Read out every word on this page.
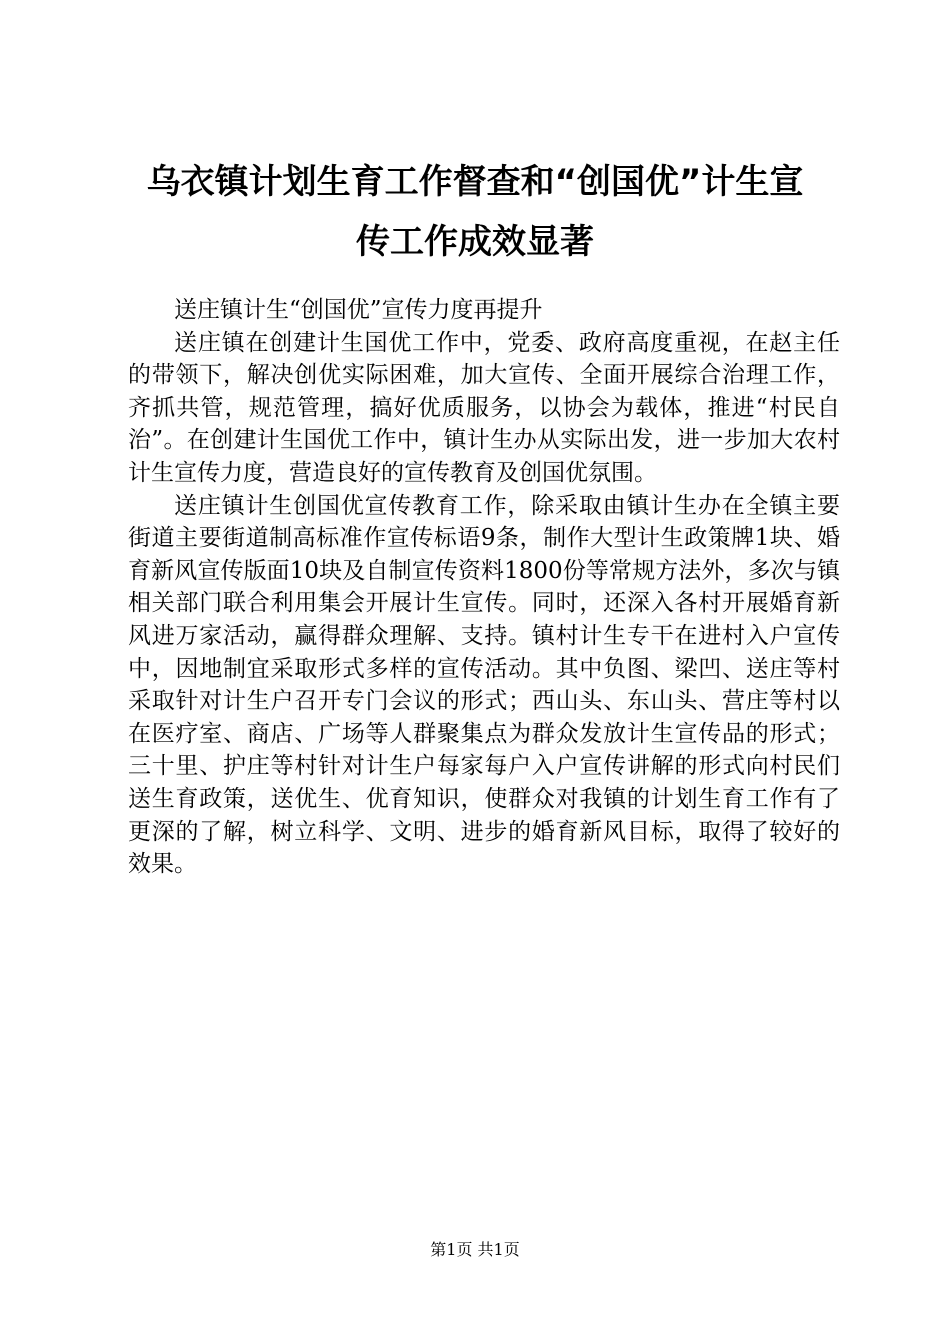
乌衣镇计划生育工作督查和“创国优”计生宣
传工作成效显著

送庄镇计生“创国优”宣传力度再提升

送庄镇在创建计生国优工作中，党委、政府高度重视，在赵主任的带领下，解决创优实际困难，加大宣传、全面开展综合治理工作，齐抓共管，规范管理，搞好优质服务，以协会为载体，推进“村民自治”。在创建计生国优工作中，镇计生办从实际出发，进一步加大农村计生宣传力度，营造良好的宣传教育及创国优氛围。

送庄镇计生创国优宣传教育工作，除采取由镇计生办在全镇主要街道主要街道制高标准作宣传标语9条，制作大型计生政策牌1块、婚育新风宣传版面10块及自制宣传资料1800份等常规方法外，多次与镇相关部门联合利用集会开展计生宣传。同时，还深入各村开展婚育新风进万家活动，赢得群众理解、支持。镇村计生专干在进村入户宣传中，因地制宜采取形式多样的宣传活动。其中负图、梁凹、送庄等村采取针对计生户召开专门会议的形式；西山头、东山头、营庄等村以在医疗室、商店、广场等人群聚集点为群众发放计生宣传品的形式；三十里、护庄等村针对计生户每家每户入户宣传讲解的形式向村民们送生育政策，送优生、优育知识，使群众对我镇的计划生育工作有了更深的了解，树立科学、文明、进步的婚育新风目标，取得了较好的效果。

第1页 共1页
